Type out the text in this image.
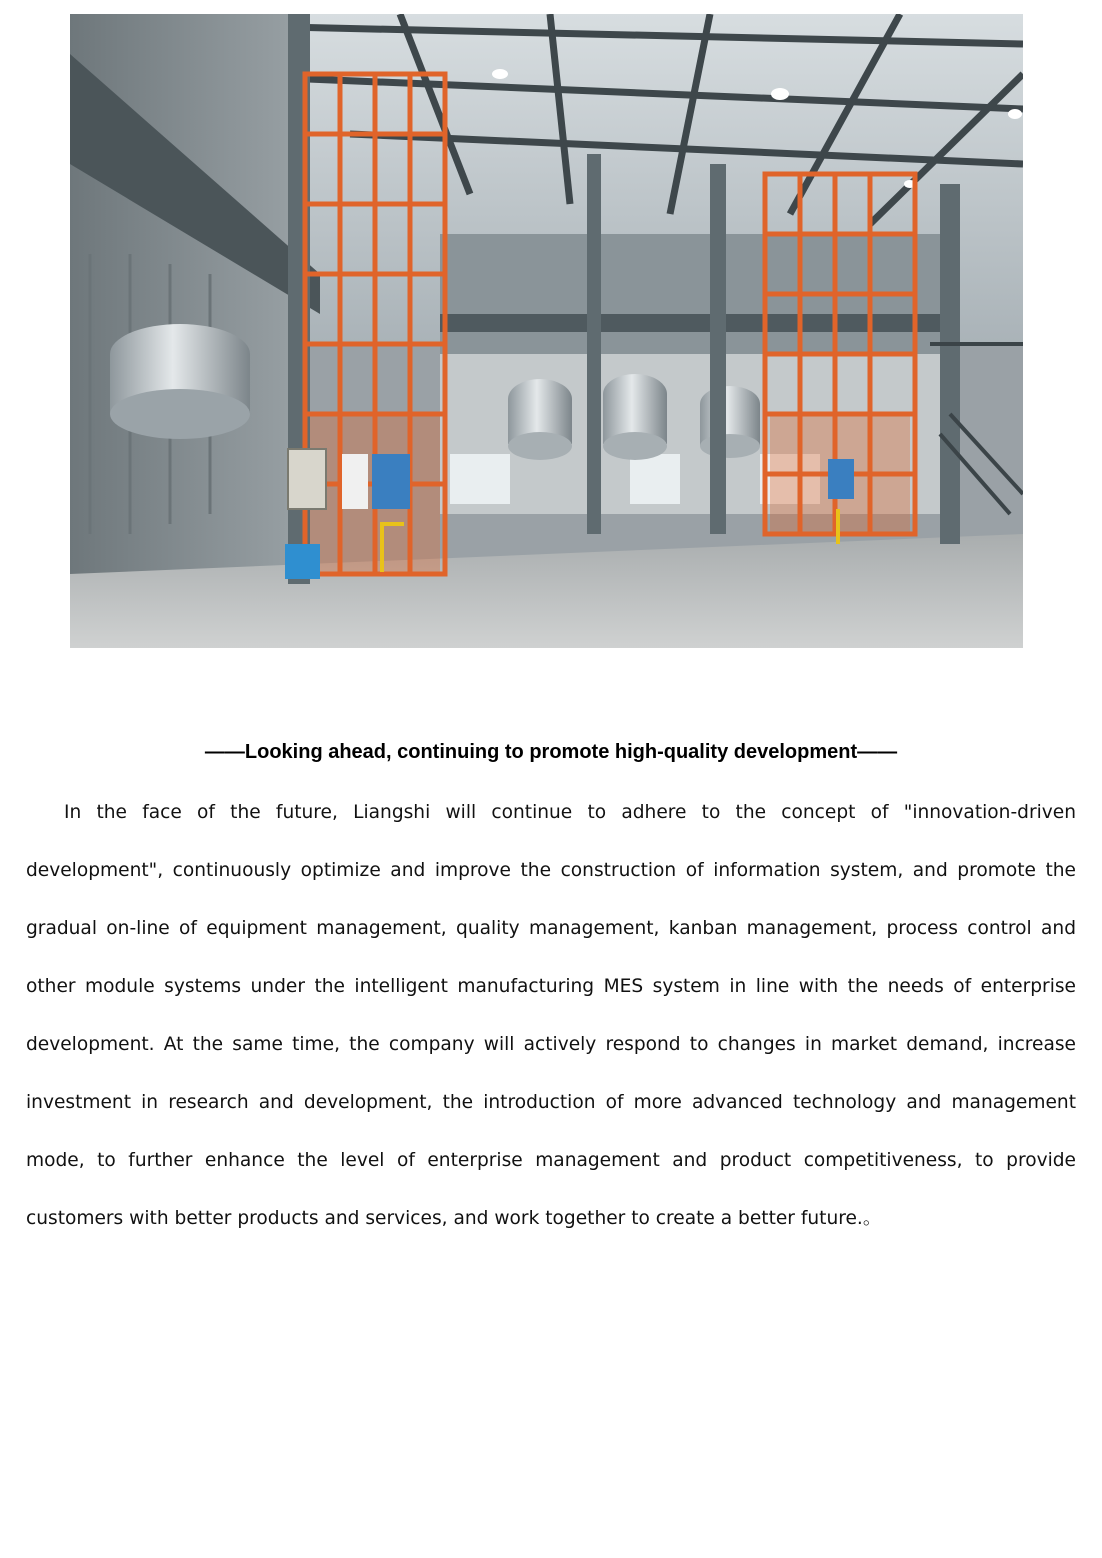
——Looking ahead, continuing to promote high-quality development——

In the face of the future, Liangshi will continue to adhere to the concept of "innovation-driven development", continuously optimize and improve the construction of information system, and promote the gradual on-line of equipment management, quality management, kanban management, process control and other module systems under the intelligent manufacturing MES system in line with the needs of enterprise development. At the same time, the company will actively respond to changes in market demand, increase investment in research and development, the introduction of more advanced technology and management mode, to further enhance the level of enterprise management and product competitiveness, to provide customers with better products and services, and work together to create a better future.。
